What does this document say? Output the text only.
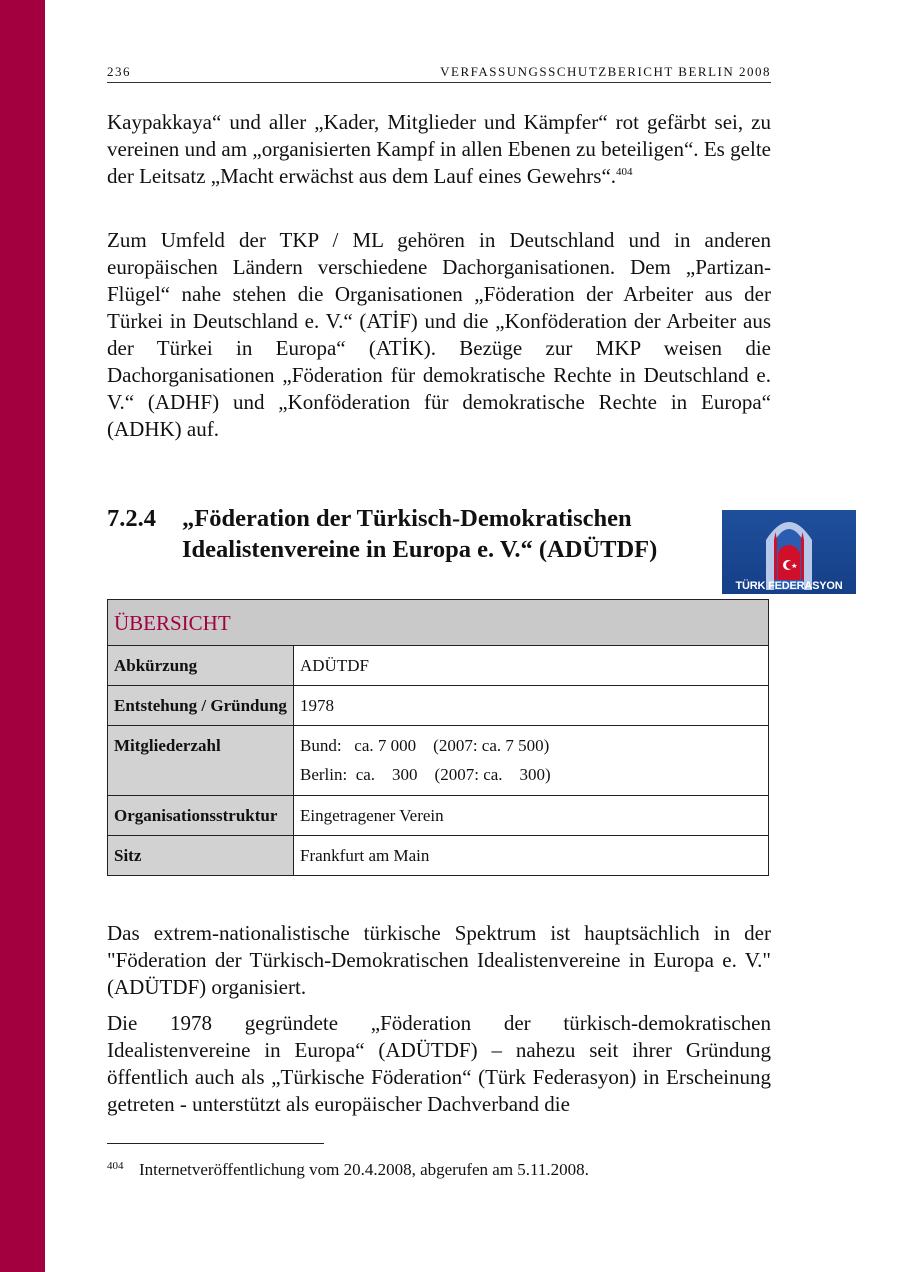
236	VERFASSUNGSSCHUTZBERICHT BERLIN 2008

Kaypakkaya“ und aller „Kader, Mitglieder und Kämpfer“ rot gefärbt sei, zu vereinen und am „organisierten Kampf in allen Ebenen zu beteiligen“. Es gelte der Leitsatz „Macht erwächst aus dem Lauf eines Gewehrs“.$^{404}$

Zum Umfeld der TKP / ML gehören in Deutschland und in anderen europäischen Ländern verschiedene Dachorganisationen. Dem „Partizan-Flügel“ nahe stehen die Organisationen „Föderation der Arbeiter aus der Türkei in Deutschland e. V.“ (ATİF) und die „Konföderation der Arbeiter aus der Türkei in Europa“ (ATİK). Bezüge zur MKP weisen die Dachorganisationen „Föderation für demokratische Rechte in Deutschland e. V.“ (ADHF) und „Konföderation für demokratische Rechte in Europa“ (ADHK) auf.

7.2.4 „Föderation der Türkisch-Demokratischen Idealistenvereine in Europa e. V.“ (ADÜTDF)
TÜRK FEDERASYON
ÜBERSICHT	
Abkürzung	ADÜTDF
Entstehung / Gründung	1978
Mitgliederzahl	Bund:   ca. 7 000    (2007: ca. 7 500)
Berlin:  ca.    300    (2007: ca.    300)

Organisationsstruktur	Eingetragener Verein
Sitz	Frankfurt am Main

Das extrem-nationalistische türkische Spektrum ist hauptsächlich in der "Föderation der Türkisch-Demokratischen Idealistenvereine in Europa e. V." (ADÜTDF) organisiert.

Die 1978 gegründete „Föderation der türkisch-demokratischen Idealistenvereine in Europa“ (ADÜTDF) – nahezu seit ihrer Gründung öffentlich auch als „Türkische Föderation“ (Türk Federasyon) in Erscheinung getreten - unterstützt als europäischer Dachverband die

404 Internetveröffentlichung vom 20.4.2008, abgerufen am 5.11.2008.
